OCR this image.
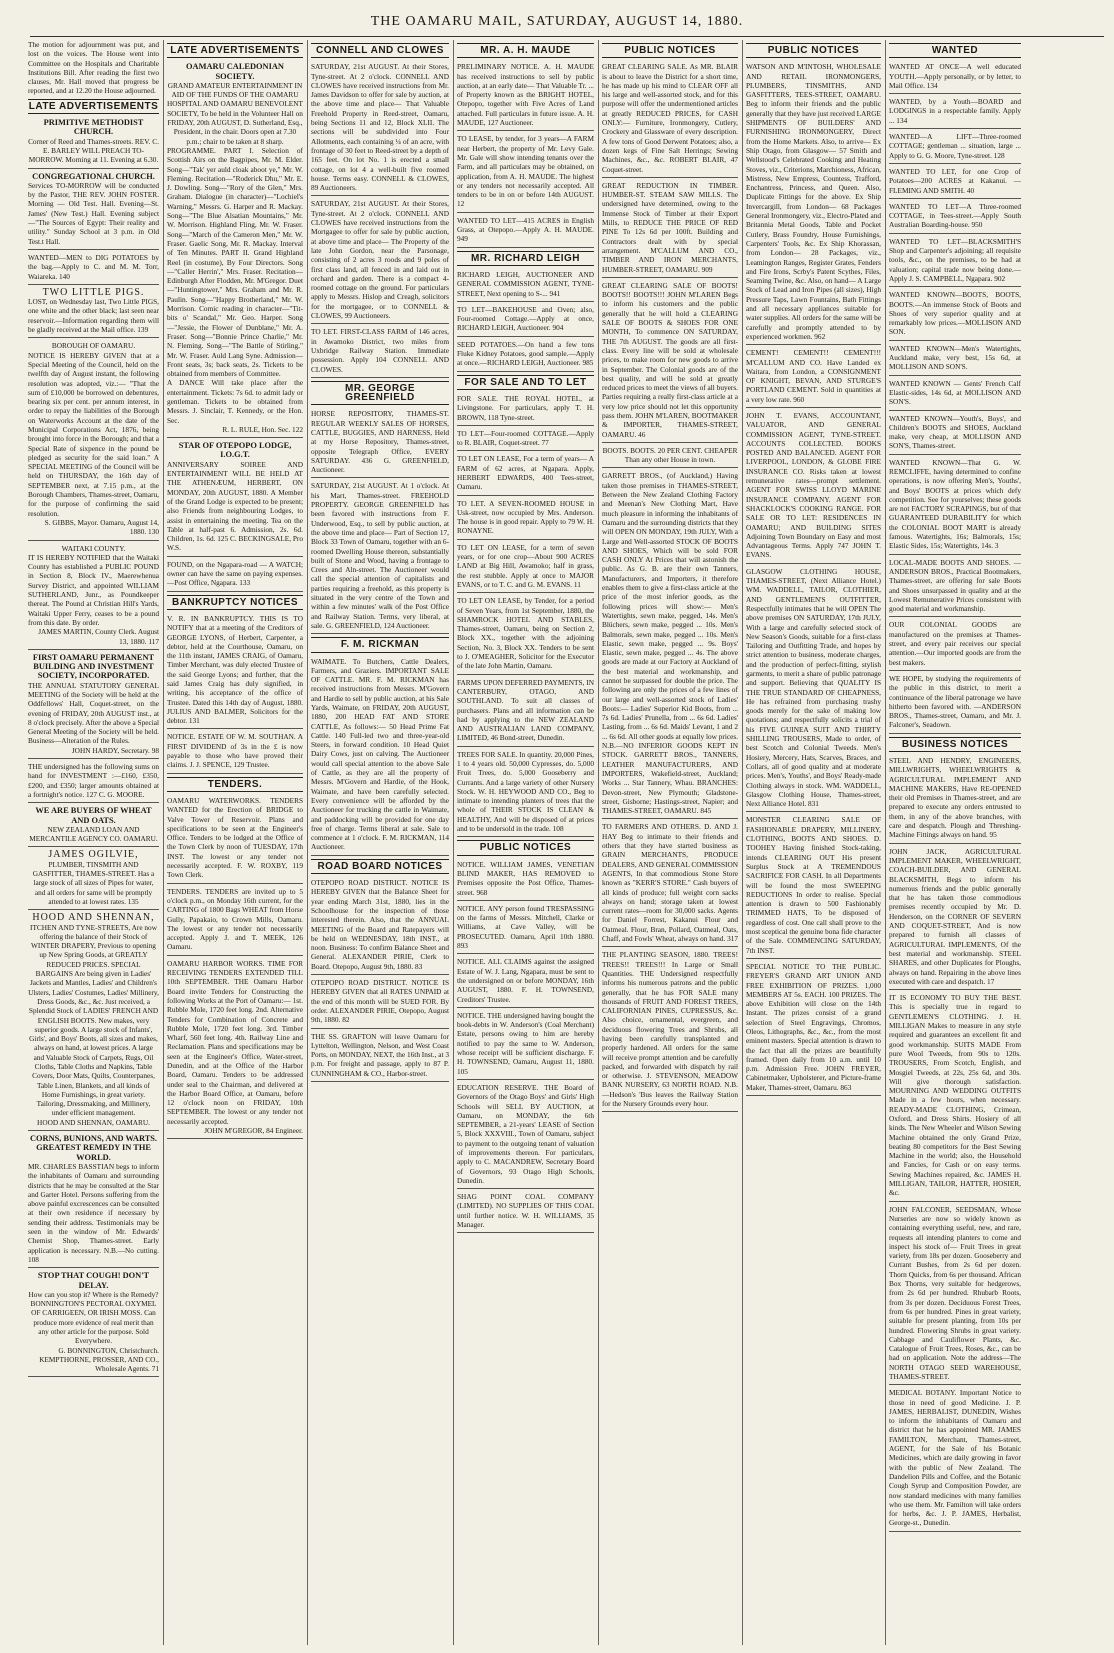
THE OAMARU MAIL, SATURDAY, AUGUST 14, 1880.

The motion for adjournment was put, and lost on the voices. The House went into Committee on the Hospitals and Charitable Institutions Bill. After reading the first two clauses, Mr. Hall moved that progress be reported, and at 12.20 the House adjourned.

LATE ADVERTISEMENTS
PRIMITIVE METHODIST CHURCH.

Corner of Reed and Thames-streets. REV. C. E. BARLEY WILL PREACH TO-MORROW. Morning at 11. Evening at 6.30.

CONGREGATIONAL CHURCH.

Services TO-MORROW will be conducted by the Pastor, THE REV. JOHN FOSTER. Morning — Old Test. Hall. Evening—St. James' (New Test.) Hall. Evening subject—"The Sources of Egypt: Their reality and utility." Sunday School at 3 p.m. in Old Test.t Hall.

WANTED—MEN to DIG POTATOES by the bag.—Apply to C. and M. M. Torr, Waiareka. 140

TWO LITTLE PIGS.

LOST, on Wednesday last, Two Little PIGS, one white and the other black; last seen near reservoir.—Information regarding them will be gladly received at the Mail office. 139

BOROUGH OF OAMARU.

NOTICE IS HEREBY GIVEN that at a Special Meeting of the Council, held on the twelfth day of August instant, the following resolution was adopted, viz.:— "That the sum of £10,000 be borrowed on debentures, bearing six per cent. per annum interest, in order to repay the liabilities of the Borough on Waterworks Account at the date of the Municipal Corporations Act, 1876, being brought into force in the Borough; and that a Special Rate of sixpence in the pound be pledged as security for the said loan." A SPECIAL MEETING of the Council will be held on THURSDAY, the 16th day of SEPTEMBER next, at 7.15 p.m., at the Borough Chambers, Thames-street, Oamaru, for the purpose of confirming the said resolution.

S. GIBBS, Mayor. Oamaru, August 14, 1880. 130

WAITAKI COUNTY.

IT IS HEREBY NOTIFIED that the Waitaki County has established a PUBLIC POUND in Section 8, Block IV., Maerewhenua Survey District, and appointed WILLIAM SUTHERLAND, Junr., as Poundkeeper thereat. The Pound at Christian Hill's Yards, Waitaki Upper Ferry, ceases to be a pound from this date. By order.

JAMES MARTIN, County Clerk. August 13, 1880. 117

FIRST OAMARU PERMANENT BUILDING AND INVESTMENT SOCIETY, INCORPORATED.

THE ANNUAL STATUTORY GENERAL MEETING of the Society will be held at the Oddfellows' Hall, Coquet-street, on the evening of FRIDAY, 20th AUGUST inst., at 8 o'clock precisely. After the above a Special General Meeting of the Society will be held. Business—Alteration of the Rules.

JOHN HARDY, Secretary. 98

THE undersigned has the following sums on hand for INVESTMENT :—£160, £350, £200, and £350; larger amounts obtained at a fortnight's notice. 127 C. G. MOORE.

WE ARE BUYERS OF WHEAT AND OATS.

NEW ZEALAND LOAN AND MERCANTILE AGENCY CO. OAMARU.

JAMES OGILVIE,

PLUMBER, TINSMITH AND GASFITTER, THAMES-STREET. Has a large stock of all sizes of Pipes for water, and all orders for same will be promptly attended to at lowest rates. 135

HOOD AND SHENNAN,

ITCHEN AND TYNE-STREETS, Are now offering the balance of their Stock of WINTER DRAPERY, Previous to opening up New Spring Goods, at GREATLY REDUCED PRICES. SPECIAL BARGAINS Are being given in Ladies' Jackets and Mantles, Ladies' and Children's Ulsters, Ladies' Costumes, Ladies' Millinery, Dress Goods, &c., &c. Just received, a Splendid Stock of LADIES' FRENCH AND ENGLISH BOOTS. New makes, very superior goods. A large stock of Infants', Girls', and Boys' Boots, all sizes and makes, always on hand, at lowest prices. A large and Valuable Stock of Carpets, Rugs, Oil Cloths, Table Cloths and Napkins, Table Covers, Door Mats, Quilts, Counterpanes, Table Linen, Blankets, and all kinds of Home Furnishings, in great variety. Tailoring, Dressmaking, and Millinery, under efficient management.

HOOD AND SHENNAN, OAMARU.

CORNS, BUNIONS, AND WARTS. GREATEST REMEDY IN THE WORLD.

MR. CHARLES BASSTIAN begs to inform the inhabitants of Oamaru and surrounding districts that he may be consulted at the Star and Garter Hotel. Persons suffering from the above painful excrescences can be consulted at their own residence if necessary by sending their address. Testimonials may be seen in the window of Mr. Edwards' Chemist Shop, Thames-street. Early application is necessary. N.B.—No cutting. 108

STOP THAT COUGH! DON'T DELAY.

How can you stop it? Where is the Remedy? BONNINGTON'S PECTORAL OXYMEL OF CARRIGEEN, OR IRISH MOSS. Can produce more evidence of real merit than any other article for the purpose. Sold Everywhere.

G. BONNINGTON, Christchurch. KEMPTHORNE, PROSSER, AND CO., Wholesale Agents. 71

LATE ADVERTISEMENTS
OAMARU CALEDONIAN SOCIETY.

GRAND AMATEUR ENTERTAINMENT IN AID OF THE FUNDS OF THE OAMARU HOSPITAL AND OAMARU BENEVOLENT SOCIETY, To be held in the Volunteer Hall on FRIDAY, 20th AUGUST, D. Sutherland, Esq., President, in the chair. Doors open at 7.30 p.m.; chair to be taken at 8 sharp.

PROGRAMME. PART I. Selection of Scottish Airs on the Bagpipes, Mr. M. Elder. Song—"Tak' yer auld cloak aboot ye," Mr. W. Fleming. Recitation—"Roderick Dhu," Mr. E. J. Dowling. Song—"Rory of the Glen," Mrs. Graham. Dialogue (in character)—"Lochiel's Warning," Messrs. G. Harper and R. Mackay. Song—"The Blue Alsatian Mountains," Mr. W. Morrison. Highland Fling, Mr. W. Fraser. Song—"March of the Cameron Men," Mr. W. Fraser. Gaelic Song, Mr. R. Mackay. Interval of Ten Minutes. PART II. Grand Highland Reel (in costume), By Four Directors. Song—"Caller Herrin'," Mrs. Fraser. Recitation—Edinburgh After Flodden, Mr. M'Gregor. Duet—"Huntingtower," Mrs. Graham and Mr. R. Paulin. Song—"Happy Brotherland," Mr. W. Morrison. Comic reading in character—"Tit-bits o' Scandal," Mr. Geo. Harper. Song—"Jessie, the Flower of Dunblane," Mr. A. Fraser. Song—"Bonnie Prince Charlie," Mr. N. Fleming. Song—"The Battle of Stirling," Mr. W. Fraser. Auld Lang Syne. Admission—Front seats, 3s; back seats, 2s. Tickets to be obtained from members of Committee.

A DANCE Will take place after the entertainment. Tickets: 7s 6d. to admit lady or gentleman. Tickets to be obtained from Messrs. J. Sinclair, T. Kennedy, or the Hon. Sec.

R. L. RULE, Hon. Sec. 122

STAR OF OTEPOPO LODGE, I.O.G.T.

ANNIVERSARY SOIREE AND ENTERTAINMENT WILL BE HELD AT THE ATHENÆUM, HERBERT, ON MONDAY, 20th AUGUST, 1880. A Member of the Grand Lodge is expected to be present; also Friends from neighbouring Lodges, to assist in entertaining the meeting. Tea on the Table at half-past 6. Admission, 2s. 6d. Children, 1s. 6d. 125 C. BECKINGSALE, Pro W.S.

FOUND, on the Ngapara-road — A WATCH; owner can have the same on paying expenses.—Post Office, Ngapara. 133

BANKRUPTCY NOTICES

V. R. IN BANKRUPTCY. THIS IS TO NOTIFY that at a meeting of the Creditors of GEORGE LYONS, of Herbert, Carpenter, a debtor, held at the Courthouse, Oamaru, on the 11th instant, JAMES CRAIG, of Oamaru, Timber Merchant, was duly elected Trustee of the said George Lyons; and further, that the said James Craig has duly signified, in writing, his acceptance of the office of Trustee. Dated this 14th day of August, 1880. JULIUS AND BALMER, Solicitors for the debtor. 131

NOTICE. ESTATE OF W. M. SOUTHAN. A FIRST DIVIDEND of 3s in the £ is now payable to those who have proved their claims. J. J. SPENCE, 129 Trustee.

TENDERS.

OAMARU WATERWORKS. TENDERS WANTED for the Erection of BRIDGE to Valve Tower of Reservoir. Plans and specifications to be seen at the Engineer's Office. Tenders to be lodged at the Office of the Town Clerk by noon of TUESDAY, 17th INST. The lowest or any tender not necessarily accepted. F. W. ROXBY, 119 Town Clerk.

TENDERS. TENDERS are invited up to 5 o'clock p.m., on Monday 16th current, for the CARTING of 1800 Bags WHEAT from Horse Gully, Papakaio, to Crown Mills, Oamaru. The lowest or any tender not necessarily accepted. Apply J. and T. MEEK, 126 Oamaru.

OAMARU HARBOR WORKS. TIME FOR RECEIVING TENDERS EXTENDED TILL 10th SEPTEMBER. THE Oamaru Harbor Board invite Tenders for Constructing the following Works at the Port of Oamaru:— 1st. Rubble Mole, 1720 feet long. 2nd. Alternative Tenders for Combination of Concrete and Rubble Mole, 1720 feet long. 3rd. Timber Wharf, 560 feet long. 4th. Railway Line and Reclamation. Plans and specifications may be seen at the Engineer's Office, Water-street, Dunedin, and at the Office of the Harbor Board, Oamaru. Tenders to be addressed under seal to the Chairman, and delivered at the Harbor Board Office, at Oamaru, before 12 o'clock noon on FRIDAY, 10th SEPTEMBER. The lowest or any tender not necessarily accepted.

JOHN M'GREGOR, 84 Engineer.

CONNELL AND CLOWES

SATURDAY, 21st AUGUST. At their Stores, Tyne-street. At 2 o'clock. CONNELL AND CLOWES have received instructions from Mr. James Davidson to offer for sale by auction, at the above time and place— That Valuable Freehold Property in Reed-street, Oamaru, being Sections 11 and 12, Block XLII. The sections will be subdivided into Four Allotments, each containing ¼ of an acre, with frontage of 30 feet to Reed-street by a depth of 165 feet. On lot No. 1 is erected a small cottage, on lot 4 a well-built five roomed house. Terms easy. CONNELL & CLOWES, 89 Auctioneers.

SATURDAY, 21st AUGUST. At their Stores, Tyne-street. At 2 o'clock. CONNELL AND CLOWES have received instructions from the Mortgagee to offer for sale by public auction, at above time and place— The Property of the late John Gordon, near the Parsonage, consisting of 2 acres 3 roods and 9 poles of first class land, all fenced in and laid out in orchard and garden. There is a compact 4-roomed cottage on the ground. For particulars apply to Messrs. Hislop and Creagh, solicitors for the mortgagee, or to CONNELL & CLOWES, 99 Auctioneers.

TO LET. FIRST-CLASS FARM of 146 acres, in Awamoko District, two miles from Uxbridge Railway Station. Immediate possession. Apply 104 CONNELL AND CLOWES.

MR. GEORGE GREENFIELD

HORSE REPOSITORY, THAMES-ST. REGULAR WEEKLY SALES OF HORSES, CATTLE, BUGGIES, AND HARNESS, Held at my Horse Repository, Thames-street, opposite Telegraph Office, EVERY SATURDAY. 436 G. GREENFIELD, Auctioneer.

SATURDAY, 21st AUGUST. At 1 o'clock. At his Mart, Thames-street. FREEHOLD PROPERTY. GEORGE GREENFIELD has been favored with instructions from F. Underwood, Esq., to sell by public auction, at the above time and place— Part of Section 17, Block 33 Town of Oamaru, together with an 6-roomed Dwelling House thereon, substantially built of Stone and Wood, having a frontage to Crees and Aln-street. The Auctioneer would call the special attention of capitalists and parties requiring a freehold, as this property is situated in the very centre of the Town and within a few minutes' walk of the Post Office and Railway Station. Terms, very liberal, at sale. G. GREENFIELD, 124 Auctioneer.

F. M. RICKMAN

WAIMATE. To Butchers, Cattle Dealers, Farmers, and Graziers. IMPORTANT SALE OF CATTLE. MR. F. M. RICKMAN has received instructions from Messrs. M'Govern and Hardie to sell by public auction, at his Sale Yards, Waimate, on FRIDAY, 20th AUGUST, 1880, 200 HEAD FAT AND STORE CATTLE, As follows:— 50 Head Prime Fat Cattle. 140 Full-led two and three-year-old Steers, in forward condition. 10 Head Quiet Dairy Cows, just on calving. The Auctioneer would call special attention to the above Sale of Cattle, as they are all the property of Messrs. M'Govern and Hardie, of the Hook, Waimate, and have been carefully selected. Every convenience will be afforded by the Auctioneer for trucking the cattle in Waimate, and paddocking will be provided for one day free of charge. Terms liberal at sale. Sale to commence at 1 o'clock. F. M. RICKMAN, 114 Auctioneer.

ROAD BOARD NOTICES

OTEPOPO ROAD DISTRICT. NOTICE IS HEREBY GIVEN that the Balance Sheet for year ending March 31st, 1880, lies in the Schoolhouse for the inspection of those interested therein. Also, that the ANNUAL MEETING of the Board and Ratepayers will be held on WEDNESDAY, 18th INST., at noon. Business: To confirm Balance Sheet and General. ALEXANDER PIRIE, Clerk to Board. Otepopo, August 9th, 1880. 83

OTEPOPO ROAD DISTRICT. NOTICE IS HEREBY GIVEN that all RATES UNPAID at the end of this month will be SUED FOR. By order. ALEXANDER PIRIE, Otepopo, August 9th, 1880. 82

THE SS. GRAFTON will leave Oamaru for Lyttelton, Wellington, Nelson, and West Coast Ports, on MONDAY, NEXT, the 16th Inst., at 3 p.m. For freight and passage, apply to 87 P. CUNNINGHAM & CO., Harbor-street.

MR. A. H. MAUDE

PRELIMINARY NOTICE. A. H. MAUDE has received instructions to sell by public auction, at an early date— That Valuable Tr. ... of Property known as the BRIGHT HOTEL, Otepopo, together with Five Acres of Land attached. Full particulars in future issue. A. H. MAUDE, 127 Auctioneer.

TO LEASE, by tender, for 3 years—A FARM near Herbert, the property of Mr. Levy Gale. Mr. Gale will show intending tenants over the Farm, and all particulars may be obtained, on application, from A. H. MAUDE. The highest or any tenders not necessarily accepted. All tenders to be in on or before 14th AUGUST. 12

WANTED TO LET—415 ACRES in English Grass, at Otepopo.—Apply A. H. MAUDE. 949

MR. RICHARD LEIGH

RICHARD LEIGH, AUCTIONEER AND GENERAL COMMISSION AGENT, TYNE-STREET, Next opening to S-... 941

TO LET—BAKEHOUSE and Oven; also, Four-roomed Cottage.—Apply at once, RICHARD LEIGH, Auctioneer. 904

SEED POTATOES.—On hand a few tons Fluke Kidney Potatoes, good sample.—Apply at once.—RICHARD LEIGH, Auctioneer. 985

FOR SALE AND TO LET

FOR SALE. THE ROYAL HOTEL, at Livingstone. For particulars, apply T. H. BROWN, 118 Tyne-street.

TO LET—Four-roomed COTTAGE.—Apply to R. BLAIR, Coquet-street. 77

TO LET ON LEASE, For a term of years— A FARM of 62 acres, at Ngapara. Apply, HERBERT EDWARDS, 400 Tees-street, Oamaru.

TO LET. A SEVEN-ROOMED HOUSE in Usk-street, now occupied by Mrs. Anderson. The house is in good repair. Apply to 79 W. H. RONAYNE.

TO LET ON LEASE, for a term of seven years, or for one crop—About 900 ACRES LAND at Big Hill, Awamoko; half in grass, the rest stubble. Apply at once to MAJOR EVANS, or to T. C. and G. M. EVANS. 11

TO LET ON LEASE, by Tender, for a period of Seven Years, from 1st September, 1880, the SHAMROCK HOTEL AND STABLES, Thames-street, Oamaru, being on Section 2, Block XX., together with the adjoining Section, No. 3, Block XX. Tenders to be sent to J. O'MEAGHER, Solicitor for the Executor of the late John Martin, Oamaru.

FARMS UPON DEFERRED PAYMENTS, IN CANTERBURY, OTAGO, AND SOUTHLAND. To suit all classes of purchasers. Plans and all information can be had by applying to the NEW ZEALAND AND AUSTRALIAN LAND COMPANY, LIMITED, 46 Bond-street, Dunedin.

TREES FOR SALE. In quantity. 20,000 Pines, 1 to 4 years old. 50,000 Cypresses, do. 5,000 Fruit Trees, do. 5,000 Gooseberry and Currants. And a large variety of other Nursery Stock. W. H. HEYWOOD AND CO., Beg to intimate to intending planters of trees that the whole of THEIR STOCK IS CLEAN & HEALTHY, And will be disposed of at prices and to be undersold in the trade. 108

PUBLIC NOTICES

NOTICE. WILLIAM JAMES, VENETIAN BLIND MAKER, HAS REMOVED to Premises opposite the Post Office, Thames-street. 968

NOTICE. ANY person found TRESPASSING on the farms of Messrs. Mitchell, Clarke or Williams, at Cave Valley, will be PROSECUTED. Oamaru, April 10th 1880. 893

NOTICE. ALL CLAIMS against the assigned Estate of W. J. Lang, Ngapara, must be sent to the undersigned on or before MONDAY, 16th AUGUST, 1880. F. H. TOWNSEND, Creditors' Trustee.

NOTICE. THE undersigned having bought the book-debts in W. Anderson's (Coal Merchant) Estate, persons owing to him are hereby notified to pay the same to W. Anderson, whose receipt will be sufficient discharge. F. H. TOWNSEND, Oamaru, August 11, 1880. 105

EDUCATION RESERVE. THE Board of Governors of the Otago Boys' and Girls' High Schools will SELL BY AUCTION, at Oamaru, on MONDAY, the 6th SEPTEMBER, a 21-years' LEASE of Section 5, Block XXXVIII., Town of Oamaru, subject to payment to the outgoing tenant of valuation of improvements thereon. For particulars, apply to C. MACANDREW, Secretary Board of Governors, 93 Otago High Schools, Dunedin.

SHAG POINT COAL COMPANY (LIMITED). NO SUPPLIES OF THIS COAL until further notice. W. H. WILLIAMS, 35 Manager.

PUBLIC NOTICES

GREAT CLEARING SALE. As MR. BLAIR is about to leave the District for a short time, he has made up his mind to CLEAR OFF all his large and well-assorted stock, and for this purpose will offer the undermentioned articles at greatly REDUCED PRICES, for CASH ONLY:— Furniture, Ironmongery, Cutlery, Crockery and Glassware of every description. A few tons of Good Derwent Potatoes; also, a dozen kegs of Fine Salt Herrings; Sewing Machines, &c., &c. ROBERT BLAIR, 47 Coquet-street.

GREAT REDUCTION IN TIMBER. HUMBER-ST. STEAM SAW MILLS. The undersigned have determined, owing to the Immense Stock of Timber at their Export Mills, to REDUCE THE PRICE OF RED PINE To 12s 6d per 100ft. Building and Contractors dealt with by special arrangement. M'CALLUM AND CO., TIMBER AND IRON MERCHANTS, HUMBER-STREET, OAMARU. 909

GREAT CLEARING SALE OF BOOTS! BOOTS!! BOOTS!!! JOHN M'LAREN Begs to inform his customers and the public generally that he will hold a CLEARING SALE OF BOOTS & SHOES FOR ONE MONTH, To commence ON SATURDAY, THE 7th AUGUST. The goods are all first-class. Every line will be sold at wholesale prices, to make room for new goods to arrive in September. The Colonial goods are of the best quality, and will be sold at greatly reduced prices to meet the views of all buyers. Parties requiring a really first-class article at a very low price should not let this opportunity pass them. JOHN M'LAREN, BOOTMAKER & IMPORTER, THAMES-STREET, OAMARU. 46

BOOTS. BOOTS. 20 PER CENT. CHEAPER Than any other House in town.

GARRETT BROS., (of Auckland,) Having taken those premises in THAMES-STREET, Between the New Zealand Clothing Factory and Meenan's New Clothing Mart, Have much pleasure in informing the inhabitants of Oamaru and the surrounding districts that they will OPEN ON MONDAY, 19th JULY, With a Large and Well-assorted STOCK OF BOOTS AND SHOES, Which will be sold FOR CASH ONLY At Prices that will astonish the public. As G. B. are their own Tanners, Manufacturers, and Importers, it therefore enables them to give a first-class article at the price of the most inferior goods, as the following prices will show:— Men's Watertights, sewn make, pegged, 14s. Men's Blüchers, sewn make, pegged ... 10s. Men's Balmorals, sewn make, pegged ... 10s. Men's Elastic, sewn make, pegged ... 9s. Boys' Elastic, sewn make, pegged ... 4s. The above goods are made at our Factory at Auckland of the best material and workmanship, and cannot be surpassed for double the price. The following are only the prices of a few lines of our large and well-assorted stock of Ladies' Boots:— Ladies' Superior Kid Boots, from ... 7s 6d. Ladies' Prunella, from ... 6s 6d. Ladies' Lasting, from ... 6s 6d. Maids' Levant, 1 and 2 ... 6s 6d. All other goods at equally low prices. N.B.—NO INFERIOR GOODS KEPT IN STOCK. GARRETT BROS., TANNERS, LEATHER MANUFACTURERS, AND IMPORTERS, Wakefield-street, Auckland; Works ... Star Tannery, Whau. BRANCHES: Devon-street, New Plymouth; Gladstone-street, Gisborne; Hastings-street, Napier; and THAMES-STREET, OAMARU. 845

TO FARMERS AND OTHERS. D. AND J. HAY Beg to intimate to their friends and others that they have started business as GRAIN MERCHANTS, PRODUCE DEALERS, AND GENERAL COMMISSION AGENTS, In that commodious Stone Store known as "KERR'S STORE." Cash buyers of all kinds of produce; full weight corn sacks always on hand; storage taken at lowest current rates—room for 30,000 sacks. Agents for Daniel Forrest, Kakanui Flour and Oatmeal. Flour, Bran, Pollard, Oatmeal, Oats, Chaff, and Fowls' Wheat, always on hand. 317

THE PLANTING SEASON, 1880. TREES! TREES!! TREES!!! In Large or Small Quantities. THE Undersigned respectfully informs his numerous patrons and the public generally, that he has FOR SALE many thousands of FRUIT AND FOREST TREES, CALIFORNIAN PINES, CUPRESSUS, &c. Also choice, ornamental, evergreen, and deciduous flowering Trees and Shrubs, all having been carefully transplanted and properly hardened. All orders for the same will receive prompt attention and be carefully packed, and forwarded with dispatch by rail or otherwise. J. STEVENSON, MEADOW BANK NURSERY, 63 NORTH ROAD. N.B.—Hedson's 'Bus leaves the Railway Station for the Nursery Grounds every hour.

PUBLIC NOTICES

WATSON AND M'INTOSH, WHOLESALE AND RETAIL IRONMONGERS, PLUMBERS, TINSMITHS, AND GASFITTERS, TEES-STREET, OAMARU. Beg to inform their friends and the public generally that they have just received LARGE SHIPMENTS OF BUILDERS' AND FURNISHING IRONMONGERY, Direct from the Home Markets. Also, to arrive— Ex Ship Otago, from Glasgow— 57 Smith and Wellstood's Celebrated Cooking and Heating Stoves, viz., Criterions, Marchioness, African, Mistress, New Empress, Countess, Trafford, Enchantress, Princess, and Queen. Also, Duplicate Fittings for the above. Ex Ship Invercargill, from London— 68 Packages General Ironmongery, viz., Electro-Plated and Britannia Metal Goods, Table and Pocket Cutlery, Brass Foundry, House Furnishings, Carpenters' Tools, &c. Ex Ship Khorassan, from London— 28 Packages, viz., Leamington Ranges, Register Grates, Fenders and Fire Irons, Scrby's Patent Scythes, Files, Seaming Twine, &c. Also, on hand— A Large Stock of Lead and Iron Pipes (all sizes), High Pressure Taps, Lawn Fountains, Bath Fittings and all necessary appliances suitable for water supplies. All orders for the same will be carefully and promptly attended to by experienced workmen. 962

CEMENT! CEMENT!! CEMENT!!! M'CALLUM AND CO. Have Landed ex Waitara, from London, a CONSIGNMENT OF KNIGHT, BEVAN, AND STURGE'S PORTLAND CEMENT. Sold in quantities at a very low rate. 960

JOHN T. EVANS, ACCOUNTANT, VALUATOR, AND GENERAL COMMISSION AGENT, TYNE-STREET. ACCOUNTS COLLECTED. BOOKS POSTED AND BALANCED. AGENT FOR LIVERPOOL, LONDON, & GLOBE FIRE INSURANCE CO. Risks taken at lowest remunerative rates—prompt settlement. AGENT FOR SWISS LLOYD MARINE INSURANCE COMPANY. AGENT FOR SHACKLOCK'S COOKING RANGE. FOR SALE OR TO LET: RESIDENCES IN OAMARU; AND BUILDING SITES Adjoining Town Boundary on Easy and most Advantageous Terms. Apply 747 JOHN T. EVANS.

GLASGOW CLOTHING HOUSE, THAMES-STREET, (Next Alliance Hotel.) WM. WADDELL, TAILOR, CLOTHIER, AND GENTLEMEN'S OUTFITTER, Respectfully intimates that he will OPEN The above premises ON SATURDAY, 17th JULY, With a large and carefully selected stock of New Season's Goods, suitable for a first-class Tailoring and Outfitting Trade, and hopes by strict attention to business, moderate charges, and the production of perfect-fitting, stylish garments, to merit a share of public patronage and support. Believing that QUALITY IS THE TRUE STANDARD OF CHEAPNESS, He has refrained from purchasing trashy goods merely for the sake of making low quotations; and respectfully solicits a trial of his FIVE GUINEA SUIT AND THIRTY SHILLING TROUSERS, Made to order, of best Scotch and Colonial Tweeds. Men's Hosiery, Mercery, Hats, Scarves, Braces, and Collars, all of good quality and at moderate prices. Men's, Youths', and Boys' Ready-made Clothing always in stock. WM. WADDELL, Glasgow Clothing House, Thames-street, Next Alliance Hotel. 831

MONSTER CLEARING SALE OF FASHIONABLE DRAPERY, MILLINERY, CLOTHING, BOOTS AND SHOES. D. TOOHEY Having finished Stock-taking, intends CLEARING OUT His present Surplus Stock at A TREMENDOUS SACRIFICE FOR CASH. In all Departments will be found the most SWEEPING REDUCTIONS In order to realise. Special attention is drawn to 500 Fashionably TRIMMED HATS, To be disposed of regardless of cost. One call shall prove to the most sceptical the genuine bona fide character of the Sale. COMMENCING SATURDAY, 7th INST.

SPECIAL NOTICE TO THE PUBLIC. FREYER'S GRAND ART UNION AND FREE EXHIBITION OF PRIZES. 1,000 MEMBERS AT 5s. EACH. 100 PRIZES. The above Exhibition will close on the 14th Instant. The prizes consist of a grand selection of Steel Engravings, Chromos, Oleos, Lithographs, &c., &c., from the most eminent masters. Special attention is drawn to the fact that all the prizes are beautifully framed. Open daily from 10 a.m. until 10 p.m. Admission Free. JOHN FREYER, Cabinetmaker, Upholsterer, and Picture-frame Maker, Thames-street, Oamaru. 863

WANTED

WANTED AT ONCE—A well educated YOUTH.—Apply personally, or by letter, to Mail Office. 134

WANTED, by a Youth—BOARD and LODGINGS in a respectable family. Apply ... 134

WANTED—A LIFT—Three-roomed COTTAGE; gentleman ... situation, large ... Apply to G. G. Moore, Tyne-street. 128

WANTED TO LET, for one Crop of Potatoes—200 ACRES at Kakanui. —FLEMING AND SMITH. 40

WANTED TO LET—A Three-roomed COTTAGE, in Tees-street.—Apply South Australian Boarding-house. 950

WANTED TO LET—BLACKSMITH'S Shop and Carpenter's adjoining; all requisite tools, &c., on the premises, to be had at valuation; capital trade now being done.—Apply J. S. CAMPBELL, Ngapara. 902

WANTED KNOWN—BOOTS, BOOTS, BOOTS.—An immense Stock of Boots and Shoes of very superior quality and at remarkably low prices.—MOLLISON AND SON.

WANTED KNOWN—Men's Watertights, Auckland make, very best, 15s 6d, at MOLLISON AND SON'S.

WANTED KNOWN — Gents' French Calf Elastic-sides, 14s 6d, at MOLLISON AND SON'S.

WANTED KNOWN—Youth's, Boys', and Children's BOOTS and SHOES, Auckland make, very cheap, at MOLLISON AND SON'S, Thames-street.

WANTED KNOWN—That G. W. REMCLIFFE, having determined to confine operations, is now offering Men's, Youths', and Boys' BOOTS at prices which defy competition. See for yourselves; these goods are not FACTORY SCRAPINGS, but of that GUARANTEED DURABILITY for which the COLONIAL BOOT MART is already famous. Watertights, 16s; Balmorals, 15s; Elastic Sides, 15s; Watertights, 14s. 3

LOCAL-MADE BOOTS AND SHOES. —ANDERSON BROS., Practical Bootmakers, Thames-street, are offering for sale Boots and Shoes unsurpassed in quality and at the Lowest Remunerative Prices consistent with good material and workmanship.

OUR COLONIAL GOODS are manufactured on the premises at Thames-street, and every pair receives our special attention.—Our imported goods are from the best makers.

WE HOPE, by studying the requirements of the public in this district, to merit a continuance of the liberal patronage we have hitherto been favored with. —ANDERSON BROS., Thames-street, Oamaru, and Mr. J. Falconer's, Seadown.

BUSINESS NOTICES

STEEL AND HENDRY, ENGINEERS, MILLWRIGHTS, WHEELWRIGHTS & AGRICULTURAL IMPLEMENT AND MACHINE MAKERS, Have RE-OPENED their old Premises in Thames-street, and are prepared to execute any orders entrusted to them, in any of the above branches, with care and despatch. Plough and Threshing-Machine Fittings always on hand. 95

JOHN JACK, AGRICULTURAL IMPLEMENT MAKER, WHEELWRIGHT, COACH-BUILDER, AND GENERAL BLACKSMITH, Begs to inform his numerous friends and the public generally that he has taken those commodious premises recently occupied by Mr. D. Henderson, on the CORNER OF SEVERN AND COQUET-STREET, And is now prepared to furnish all classes of AGRICULTURAL IMPLEMENTS, Of the best material and workmanship. STEEL SHARES, and other Duplicates for Ploughs, always on hand. Repairing in the above lines executed with care and despatch. 17

IT IS ECONOMY TO BUY THE BEST. This is specially true in regard to GENTLEMEN'S CLOTHING. J. H. MILLIGAN Makes to measure in any style required and guarantees an excellent fit and good workmanship. SUITS MADE From pure Wool Tweeds, from 90s to 120s. TROUSERS, From Scotch, English, and Mosgiel Tweeds, at 22s, 25s 6d, and 30s. Will give thorough satisfaction. MOURNING AND WEDDING OUTFITS Made in a few hours, when necessary. READY-MADE CLOTHING, Crimean, Oxford, and Dress Shirts. Hosiery of all kinds. The New Wheeler and Wilson Sewing Machine obtained the only Grand Prize, beating 80 competitors for the Best Sewing Machine in the world; also, the Household and Fancies, for Cash or on easy terms. Sewing Machines repaired, &c. JAMES H. MILLIGAN, TAILOR, HATTER, HOSIER, &c.

JOHN FALCONER, SEEDSMAN, Whose Nurseries are now so widely known as containing everything useful, new, and rare, requests all intending planters to come and inspect his stock of— Fruit Trees in great variety, from 18s per dozen. Gooseberry and Currant Bushes, from 2s 6d per dozen. Thorn Quicks, from 6s per thousand. African Box Thorns, very suitable for hedgerows, from 2s 6d per hundred. Rhubarb Roots, from 3s per dozen. Deciduous Forest Trees, from 6s per hundred. Pines in great variety, suitable for present planting, from 10s per hundred. Flowering Shrubs in great variety. Cabbage and Cauliflower Plants, &c. Catalogue of Fruit Trees, Roses, &c., can be had on application. Note the address—The NORTH OTAGO SEED WAREHOUSE, THAMES-STREET.

MEDICAL BOTANY. Important Notice to those in need of good Medicine. J. P. JAMES, HERBALIST, DUNEDIN, Wishes to inform the inhabitants of Oamaru and district that he has appointed MR. JAMES FAMILTON, Merchant, Thames-street, AGENT, for the Sale of his Botanic Medicines, which are daily growing in favor with the public of New Zealand. The Dandelion Pills and Coffee, and the Botanic Cough Syrup and Composition Powder, are now standard medicines with many families who use them. Mr. Familton will take orders for herbs, &c. J. P. JAMES, Herbalist, George-st., Dunedin.
